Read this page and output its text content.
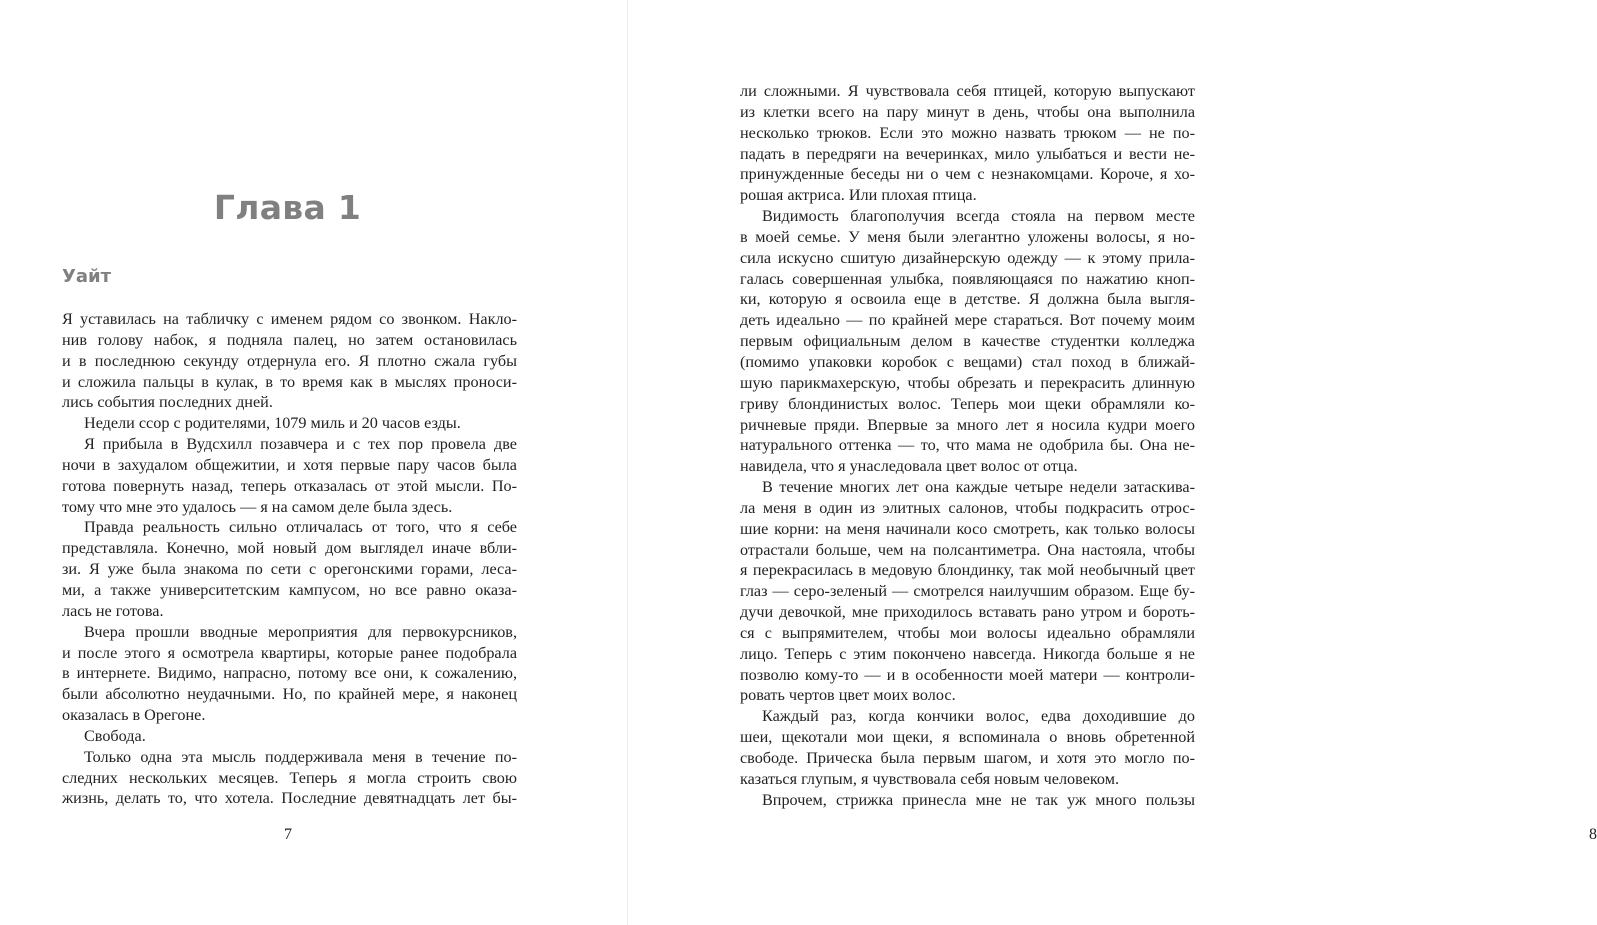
Глава 1
Уайт
Я уставилась на табличку с именем рядом со звонком. Накло-
нив голову набок, я подняла палец, но затем остановилась
и в последнюю секунду отдернула его. Я плотно сжала губы
и сложила пальцы в кулак, в то время как в мыслях проноси-
лись события последних дней.
Недели ссор с родителями, 1079 миль и 20 часов езды.
Я прибыла в Вудсхилл позавчера и с тех пор провела две
ночи в захудалом общежитии, и хотя первые пару часов была
готова повернуть назад, теперь отказалась от этой мысли. По-
тому что мне это удалось — я на самом деле была здесь.
Правда реальность сильно отличалась от того, что я себе
представляла. Конечно, мой новый дом выглядел иначе вбли-
зи. Я уже была знакома по сети с орегонскими горами, леса-
ми, а также университетским кампусом, но все равно оказа-
лась не готова.
Вчера прошли вводные мероприятия для первокурсников,
и после этого я осмотрела квартиры, которые ранее подобрала
в интернете. Видимо, напрасно, потому все они, к сожалению,
были абсолютно неудачными. Но, по крайней мере, я наконец
оказалась в Орегоне.
Свобода.
Только одна эта мысль поддерживала меня в течение по-
следних нескольких месяцев. Теперь я могла строить свою
жизнь, делать то, что хотела. Последние девятнадцать лет бы-
7
ли сложными. Я чувствовала себя птицей, которую выпускают
из клетки всего на пару минут в день, чтобы она выполнила
несколько трюков. Если это можно назвать трюком — не по-
падать в передряги на вечеринках, мило улыбаться и вести не-
принужденные беседы ни о чем с незнакомцами. Короче, я хо-
рошая актриса. Или плохая птица.
Видимость благополучия всегда стояла на первом месте
в моей семье. У меня были элегантно уложены волосы, я но-
сила искусно сшитую дизайнерскую одежду — к этому прила-
галась совершенная улыбка, появляющаяся по нажатию кноп-
ки, которую я освоила еще в детстве. Я должна была выгля-
деть идеально — по крайней мере стараться. Вот почему моим
первым официальным делом в качестве студентки колледжа
(помимо упаковки коробок с вещами) стал поход в ближай-
шую парикмахерскую, чтобы обрезать и перекрасить длинную
гриву блондинистых волос. Теперь мои щеки обрамляли ко-
ричневые пряди. Впервые за много лет я носила кудри моего
натурального оттенка — то, что мама не одобрила бы. Она не-
навидела, что я унаследовала цвет волос от отца.
В течение многих лет она каждые четыре недели затаскива-
ла меня в один из элитных салонов, чтобы подкрасить отрос-
шие корни: на меня начинали косо смотреть, как только волосы
отрастали больше, чем на полсантиметра. Она настояла, чтобы
я перекрасилась в медовую блондинку, так мой необычный цвет
глаз — серо-зеленый — смотрелся наилучшим образом. Еще бу-
дучи девочкой, мне приходилось вставать рано утром и бороть-
ся с выпрямителем, чтобы мои волосы идеально обрамляли
лицо. Теперь с этим покончено навсегда. Никогда больше я не
позволю кому-то — и в особенности моей матери — контроли-
ровать чертов цвет моих волос.
Каждый раз, когда кончики волос, едва доходившие до
шеи, щекотали мои щеки, я вспоминала о вновь обретенной
свободе. Прическа была первым шагом, и хотя это могло по-
казаться глупым, я чувствовала себя новым человеком.
Впрочем, стрижка принесла мне не так уж много пользы
8
